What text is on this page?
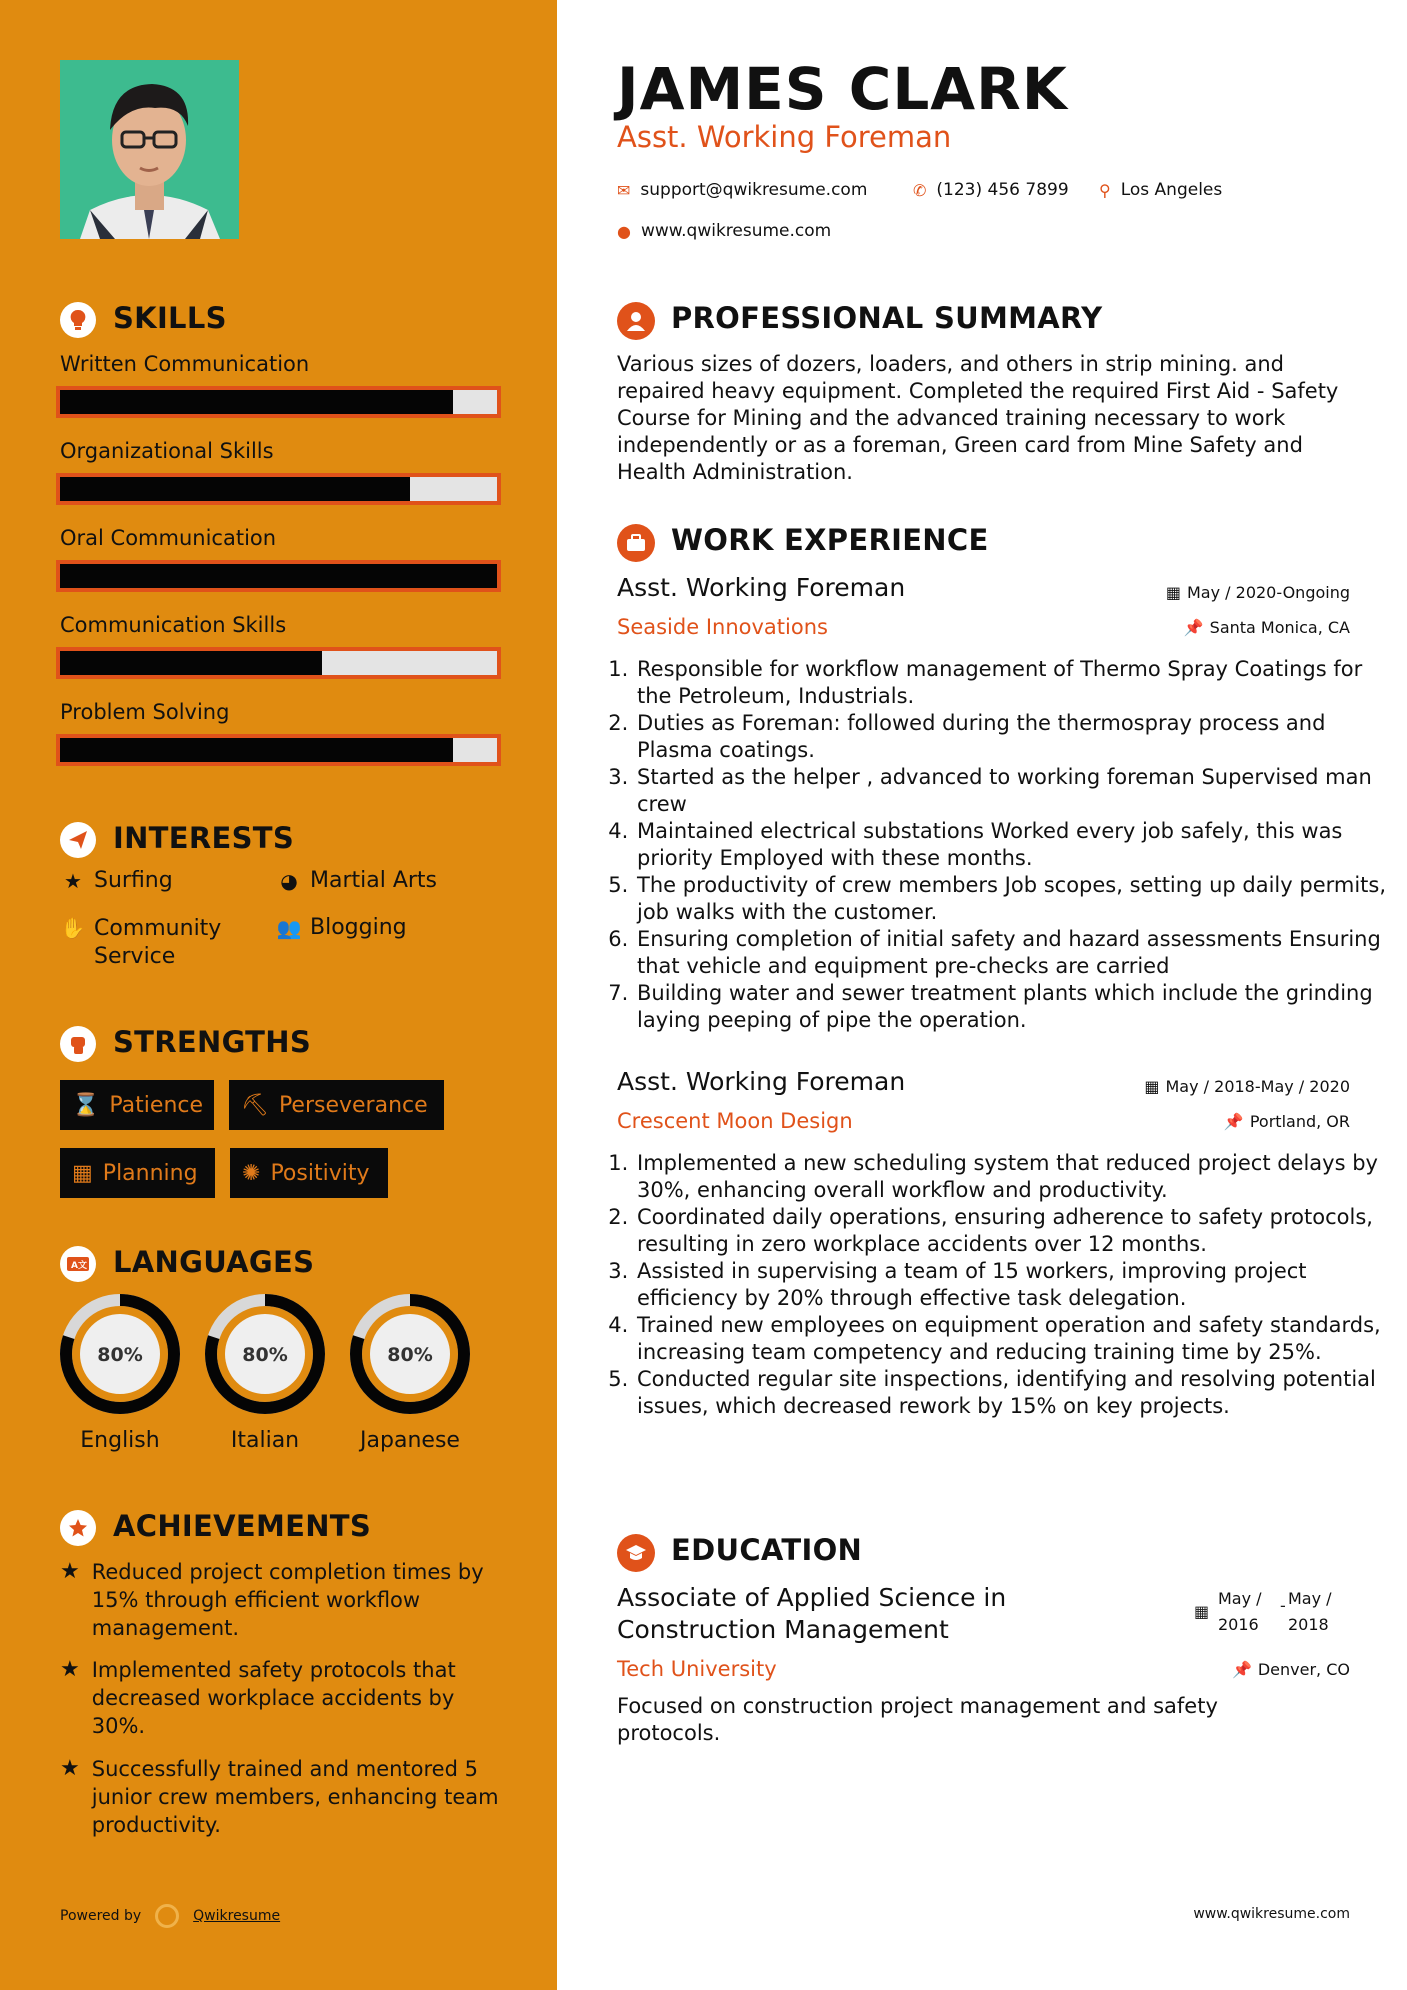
SKILLS
Written Communication
Organizational Skills
Oral Communication
Communication Skills
Problem Solving
INTERESTS
★ Surfing	◕ Martial Arts
✋ Community Service
👥 Blogging
STRENGTHS
⌛ Patience ⛏ Perseverance
▦ Planning ✺ Positivity
A文 LANGUAGES
80%
English
80%
Italian
80%
Japanese
ACHIEVEMENTS
★ Reduced project completion times by 15% through efficient workflow management.
★ Implemented safety protocols that decreased workplace accidents by 30%.
★ Successfully trained and mentored 5 junior crew members, enhancing team productivity.
Powered by	Qwikresume
JAMES CLARK
Asst. Working Foreman
✉ support@qwikresume.com	✆ (123) 456 7899 ⚲ Los Angeles
● www.qwikresume.com
PROFESSIONAL SUMMARY
Various sizes of dozers, loaders, and others in strip mining. and repaired heavy equipment. Completed the required First Aid - Safety Course for Mining and the advanced training necessary to work independently or as a foreman, Green card from Mine Safety and Health Administration.
WORK EXPERIENCE
Asst. Working Foreman	▦ May / 2020-Ongoing
Seaside Innovations	📌 Santa Monica, CA
1. Responsible for workflow management of Thermo Spray Coatings for the Petroleum, Industrials.
2. Duties as Foreman: followed during the thermospray process and Plasma coatings.
3. Started as the helper , advanced to working foreman Supervised man crew
4. Maintained electrical substations Worked every job safely, this was priority Employed with these months.
5. The productivity of crew members Job scopes, setting up daily permits, job walks with the customer.
6. Ensuring completion of initial safety and hazard assessments Ensuring that vehicle and equipment pre-checks are carried
7. Building water and sewer treatment plants which include the grinding laying peeping of pipe the operation.
Asst. Working Foreman	▦ May / 2018-May / 2020
Crescent Moon Design	📌 Portland, OR
1. Implemented a new scheduling system that reduced project delays by 30%, enhancing overall workflow and productivity.
2. Coordinated daily operations, ensuring adherence to safety protocols, resulting in zero workplace accidents over 12 months.
3. Assisted in supervising a team of 15 workers, improving project efficiency by 20% through effective task delegation.
4. Trained new employees on equipment operation and safety standards, increasing team competency and reducing training time by 25%.
5. Conducted regular site inspections, identifying and resolving potential issues, which decreased rework by 15% on key projects.
EDUCATION
Associate of Applied Science in Construction Management
▦
May / 2016
- May / 2018
Tech University	📌 Denver, CO
Focused on construction project management and safety protocols.
www.qwikresume.com
